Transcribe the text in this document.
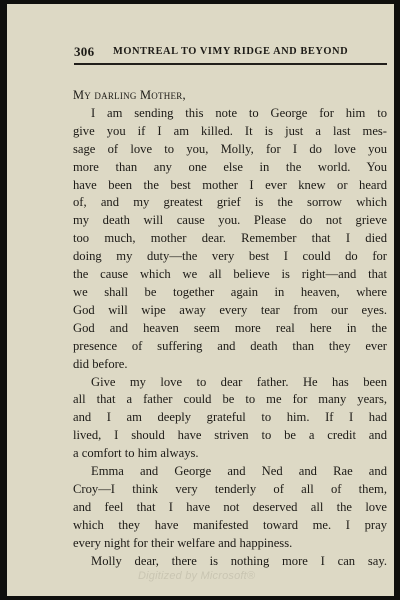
306 MONTREAL TO VIMY RIDGE AND BEYOND
My darling Mother,
I am sending this note to George for him to
give you if I am killed. It is just a last mes-
sage of love to you, Molly, for I do love you
more than any one else in the world. You
have been the best mother I ever knew or heard
of, and my greatest grief is the sorrow which
my death will cause you. Please do not grieve
too much, mother dear. Remember that I died
doing my duty—the very best I could do for
the cause which we all believe is right—and that
we shall be together again in heaven, where
God will wipe away every tear from our eyes.
God and heaven seem more real here in the
presence of suffering and death than they ever
did before.
Give my love to dear father. He has been
all that a father could be to me for many years,
and I am deeply grateful to him. If I had
lived, I should have striven to be a credit and
a comfort to him always.
Emma and George and Ned and Rae and
Croy—I think very tenderly of all of them,
and feel that I have not deserved all the love
which they have manifested toward me. I pray
every night for their welfare and happiness.
Molly dear, there is nothing more I can say.
Digitized by Microsoft®
